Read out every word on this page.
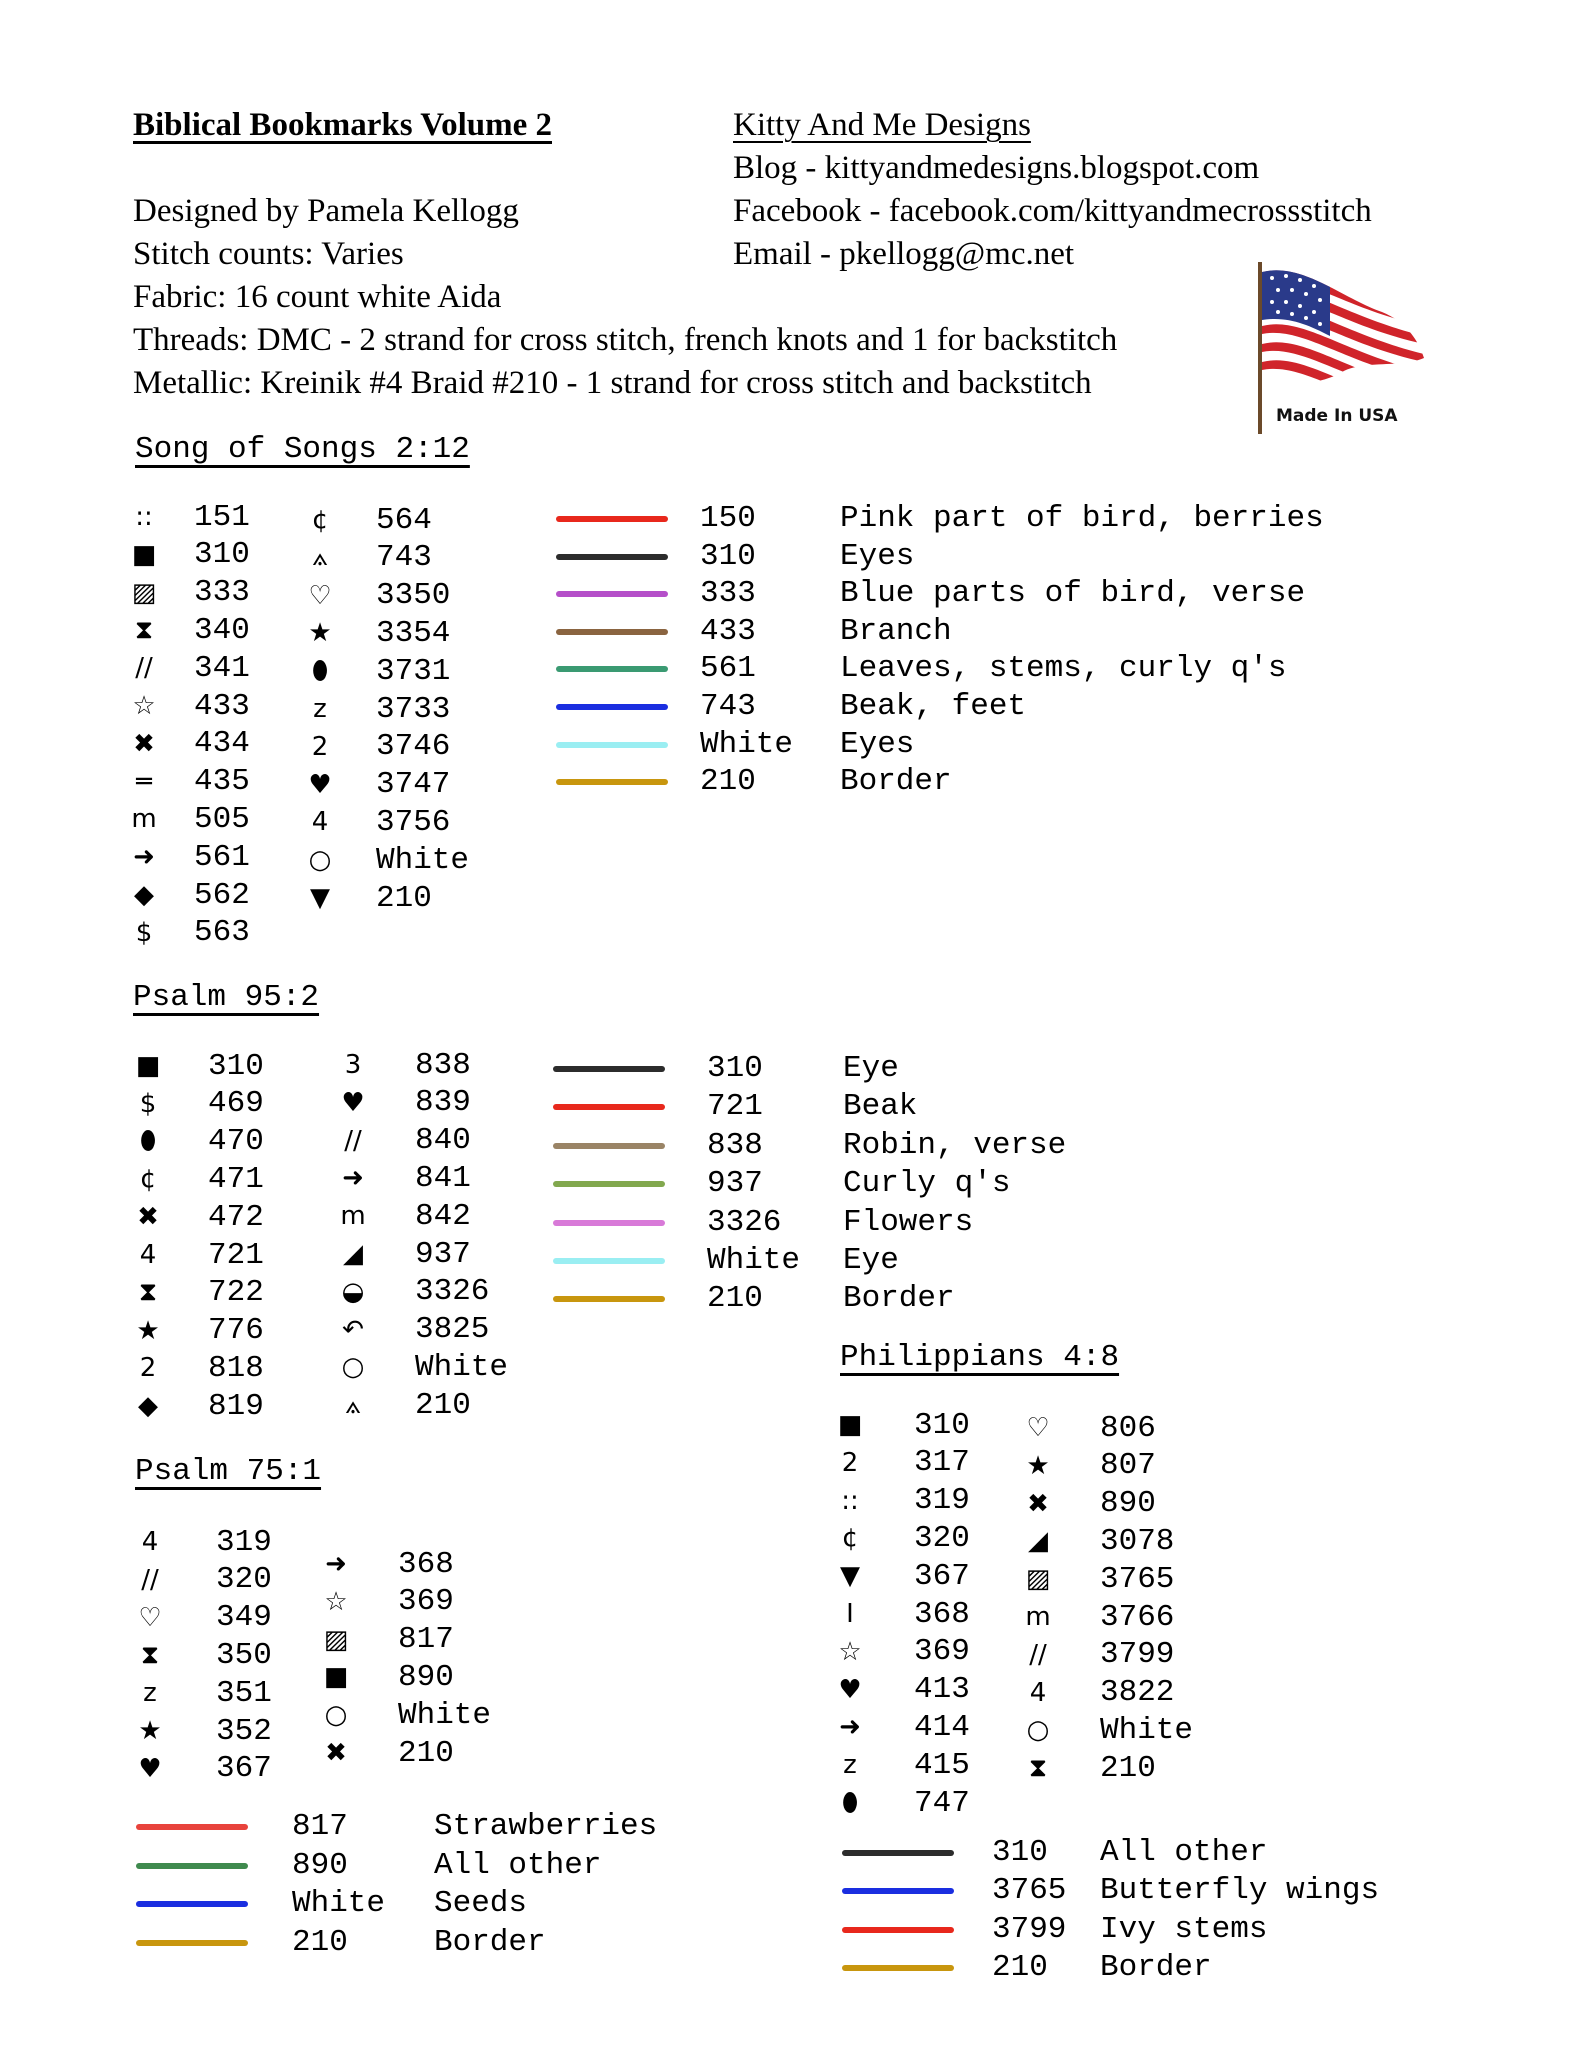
Biblical Bookmarks Volume 2
Designed by Pamela Kellogg
Stitch counts: Varies
Fabric: 16 count white Aida
Threads: DMC - 2 strand for cross stitch, french knots and 1 for backstitch
Metallic: Kreinik #4 Braid #210 - 1 strand for cross stitch and backstitch
Kitty And Me Designs
Blog - kittyandmedesigns.blogspot.com
Facebook - facebook.com/kittyandmecrossstitch
Email - pkellogg@mc.net
Made In USA
Song of Songs 2:12
::	151
■ 310
▨ 333
⧗	340
//	341
☆ 433
✖ 434
═	435
m 505
➜ 561
◆	562
$	563
¢	564
⟑	743
♡ 3350
★ 3354
⬮	3731
z	3733
2	3746
♥ 3747
4	3756
○ White
▼	210
150	Pink part of bird, berries
310	Eyes
333	Blue parts of bird, verse
433	Branch
561	Leaves, stems, curly q's
743	Beak, feet
White Eyes
210	Border
Psalm 95:2
■ 310
$	469
⬮	470
¢	471
✖ 472
4	721
⧗	722
★ 776
2	818
◆	819
3	838
♥ 839
//	840
➜ 841
m 842
◢	937
◒ 3326
↶ 3825
○ White
⟑	210
310	Eye
721	Beak
838	Robin, verse
937	Curly q's
3326 Flowers
White Eye
210	Border
Psalm 75:1
4	319
//	320
♡ 349
⧗	350
z	351
★ 352
♥ 367
➜ 368
☆ 369
▨ 817
■ 890
○ White
✖ 210
817	Strawberries
890	All other
White Seeds
210	Border
Philippians 4:8
■ 310
2	317
::	319
¢	320
▼	367
I	368
☆ 369
♥ 413
➜ 414
z	415
⬮	747
♡ 806
★ 807
✖ 890
◢	3078
▨ 3765
m 3766
//	3799
4	3822
○ White
⧗	210
310 All other
3765 Butterfly wings
3799 Ivy stems
210 Border
